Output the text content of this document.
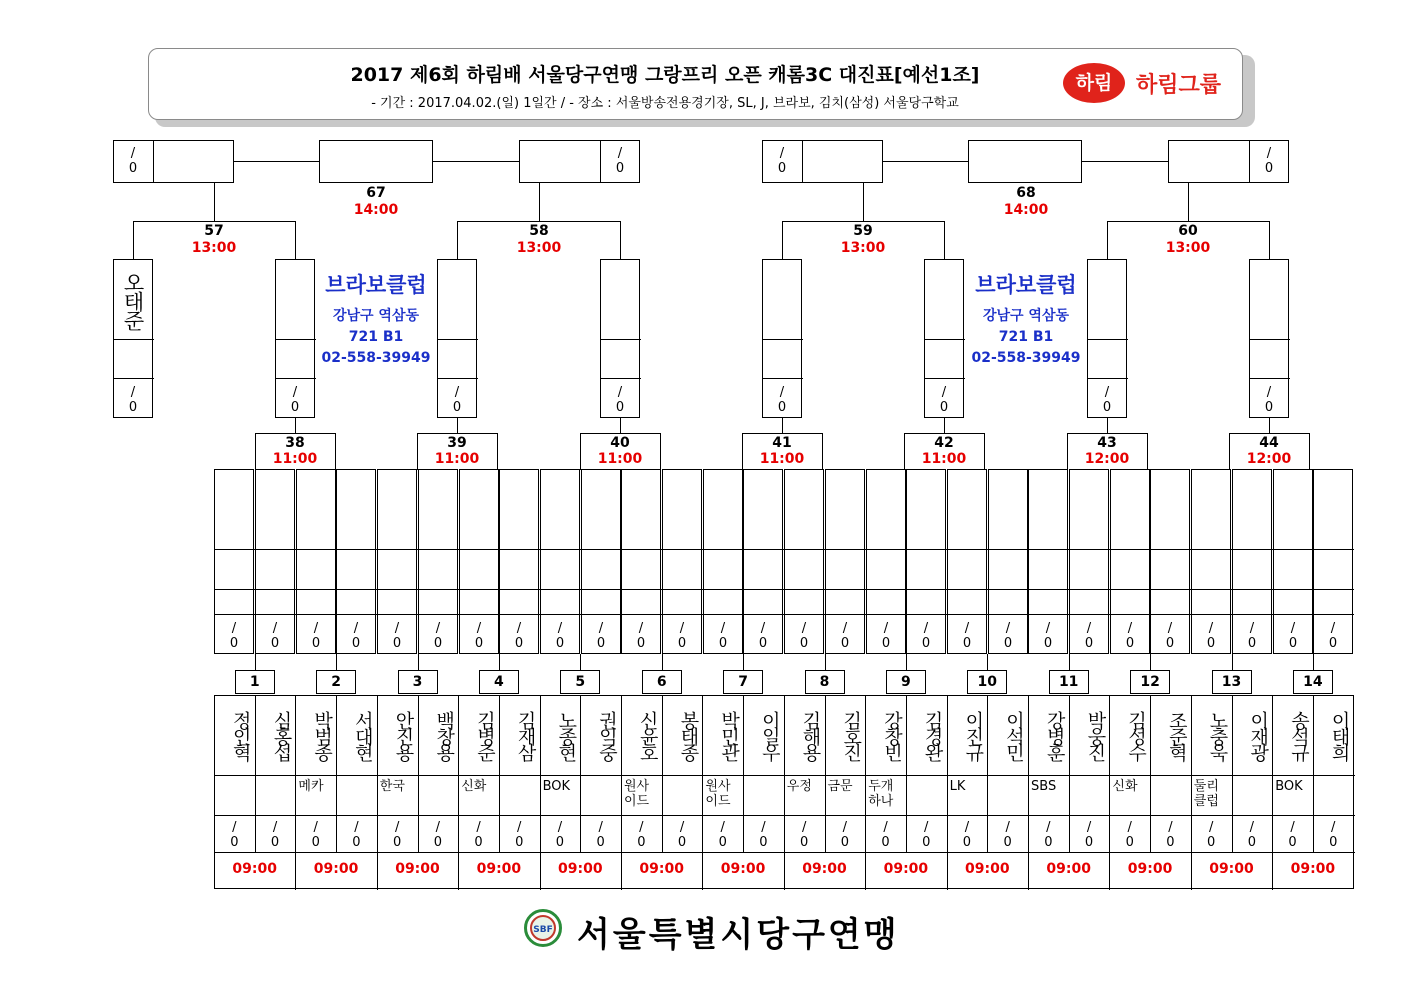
2017 제6회 하림배 서울당구연맹 그랑프리 오픈 캐롬3C 대진표[예선1조]
- 기간 : 2017.04.02.(일) 1일간 / - 장소 : 서울방송전용경기장, SL, J, 브라보, 김치(삼성) 서울당구학교
하림	하림그룹
정인혁
/
0
심홍섭
/
0
09:00
1
박범종
메카
/
0
서대현
/
0
09:00
2
안진용
한국
/
0
백창용
/
0
09:00
3
김병준
신화
/
0
김재삼
/
0
09:00
4
노종현
BOK
/
0
권익중
/
0
09:00
5
신윤호
원사이드
/
0
봉태종
/
0
09:00
6
박민관
원사이드
/
0
이일우
/
0
09:00
7
김해용
우정
/
0
김호진
금문
/
0
09:00
8
강창빈
두개하나
/
0
김경완
/
0
09:00
9
이진규
LK
/
0
이석민
/
0
09:00
10
강병훈
SBS
/
0
박웅진
/
0
09:00
11
김성수
신화
/
0
조준혁
/
0
09:00
12
노충욱
둘리클럽
/
0
이재광
/
0
09:00
13
송석규
BOK
/
0
이태희
/
0
09:00
14
/
0
/
0
/
0
/
0
/
0
/
0
/
0
/
0
/
0
/
0
/
0
/
0
/
0
/
0
/
0
/
0
/
0
/
0
/
0
/
0
/
0
/
0
/
0
/
0
/
0
/
0
/
0
/
0
38
11:00
39
11:00
40
11:00
41
11:00
42
11:00
43
12:00
44
12:00
/
0
/
0
/
0
/
0
/
0
/
0
/
0
/
0
오태준
57
13:00
58
13:00
59
13:00
60
13:00
/
0
/
0
/
0
/
0
67
14:00
68
14:00
브라보클럽
강남구 역삼동
721 B1
02-558-39949
브라보클럽
강남구 역삼동
721 B1
02-558-39949
SBF 서울특별시당구연맹
